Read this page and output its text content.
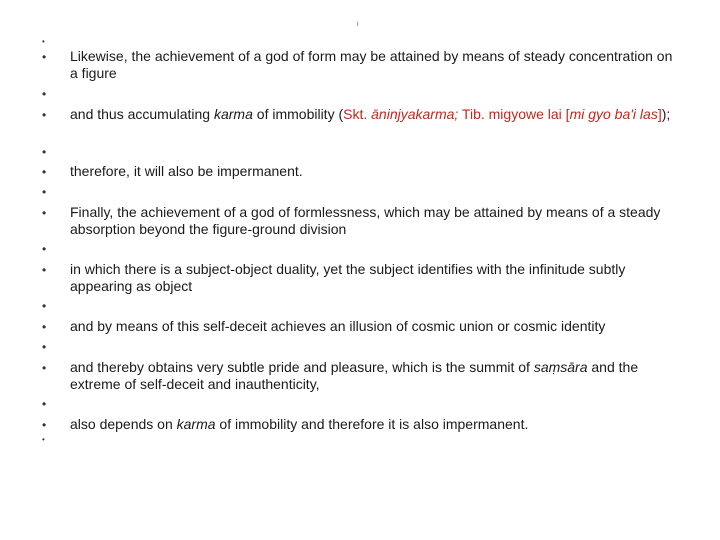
i
•
•
•
•
•
•
•
•
•
•
•
•
•
•
•
•
•

Likewise, the achievement of a god of form may be attained by means of steady concentration on a figure

and thus accumulating karma of immobility (Skt. āninjyakarma; Tib. migyowe lai [mi gyo ba'i las]);

therefore, it will also be impermanent.

Finally, the achievement of a god of formlessness, which may be attained by means of a steady absorption beyond the figure-ground division

in which there is a subject-object duality, yet the subject identifies with the infinitude subtly appearing as object

and by means of this self-deceit achieves an illusion of cosmic union or cosmic identity

and thereby obtains very subtle pride and pleasure, which is the summit of saṃsāra and the extreme of self-deceit and inauthenticity,

also depends on karma of immobility and therefore it is also impermanent.
